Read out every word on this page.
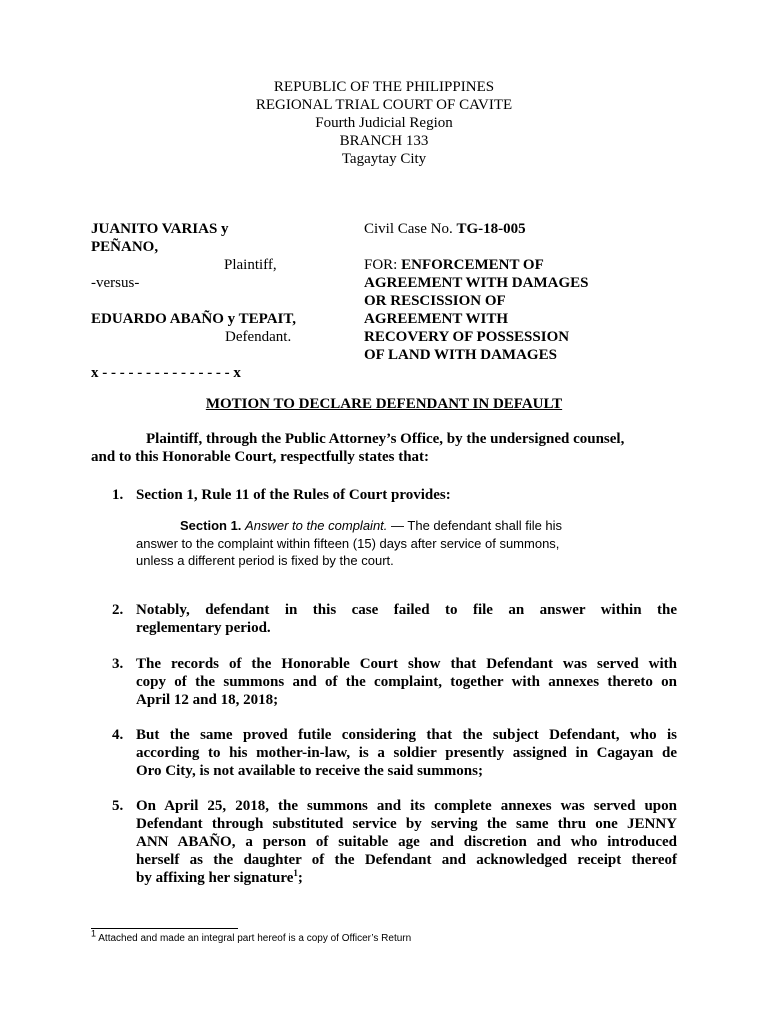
REPUBLIC OF THE PHILIPPINES
REGIONAL TRIAL COURT OF CAVITE
Fourth Judicial Region
BRANCH 133
Tagaytay City
JUANITO VARIAS y
PEÑANO,
Plaintiff,
-versus-
EDUARDO ABAÑO y TEPAIT,
Defendant.
x - - - - - - - - - - - - - - - x
Civil Case No. TG-18-005
FOR: ENFORCEMENT OF
AGREEMENT WITH DAMAGES
OR RESCISSION OF
AGREEMENT WITH
RECOVERY OF POSSESSION
OF LAND WITH DAMAGES
MOTION TO DECLARE DEFENDANT IN DEFAULT
Plaintiff, through the Public Attorney’s Office, by the undersigned counsel,
and to this Honorable Court, respectfully states that:
1. Section 1, Rule 11 of the Rules of Court provides:
Section 1. Answer to the complaint. — The defendant shall file his
answer to the complaint within fifteen (15) days after service of summons,
unless a different period is fixed by the court.
2. Notably, defendant in this case failed to file an answer within the
reglementary period.
3. The records of the Honorable Court show that Defendant was served with
copy of the summons and of the complaint, together with annexes thereto on
April 12 and 18, 2018;
4. But the same proved futile considering that the subject Defendant, who is
according to his mother-in-law, is a soldier presently assigned in Cagayan de
Oro City, is not available to receive the said summons;
5. On April 25, 2018, the summons and its complete annexes was served upon
Defendant through substituted service by serving the same thru one JENNY
ANN ABAÑO, a person of suitable age and discretion and who introduced
herself as the daughter of the Defendant and acknowledged receipt thereof
by affixing her signature$^1$;
$^1$ Attached and made an integral part hereof is a copy of Officer’s Return
